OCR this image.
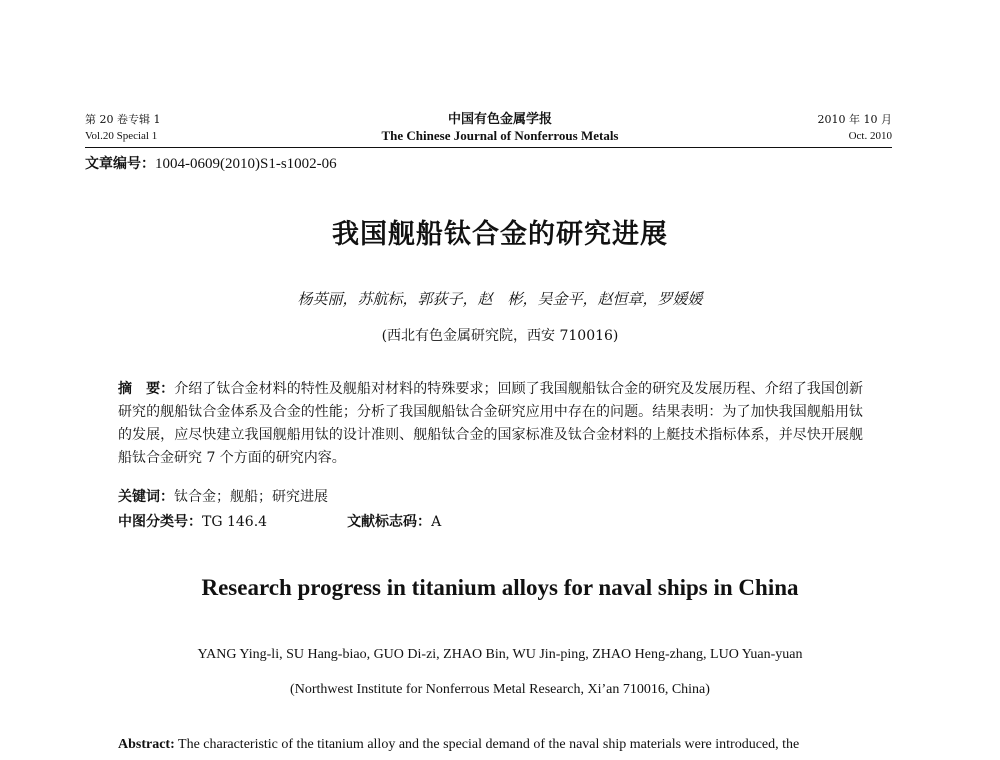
第 20 卷专辑 1
Vol.20 Special 1
中国有色金属学报
The Chinese Journal of Nonferrous Metals
2010 年 10 月
Oct. 2010
文章编号：1004-0609(2010)S1-s1002-06
我国舰船钛合金的研究进展
杨英丽，苏航标，郭荻子，赵　彬，吴金平，赵恒章，罗媛媛
(西北有色金属研究院，西安 710016)
摘　要：介绍了钛合金材料的特性及舰船对材料的特殊要求；回顾了我国舰船钛合金的研究及发展历程、介绍了我国创新研究的舰船钛合金体系及合金的性能；分析了我国舰船钛合金研究应用中存在的问题。结果表明：为了加快我国舰船用钛的发展，应尽快建立我国舰船用钛的设计准则、舰船钛合金的国家标准及钛合金材料的上艇技术指标体系，并尽快开展舰船钛合金研究 7 个方面的研究内容。
关键词：钛合金；舰船；研究进展
中图分类号：TG 146.4	文献标志码：A
Research progress in titanium alloys for naval ships in China
YANG Ying-li, SU Hang-biao, GUO Di-zi, ZHAO Bin, WU Jin-ping, ZHAO Heng-zhang, LUO Yuan-yuan
(Northwest Institute for Nonferrous Metal Research, Xi’an 710016, China)
Abstract: The characteristic of the titanium alloy and the special demand of the naval ship materials were introduced, the
